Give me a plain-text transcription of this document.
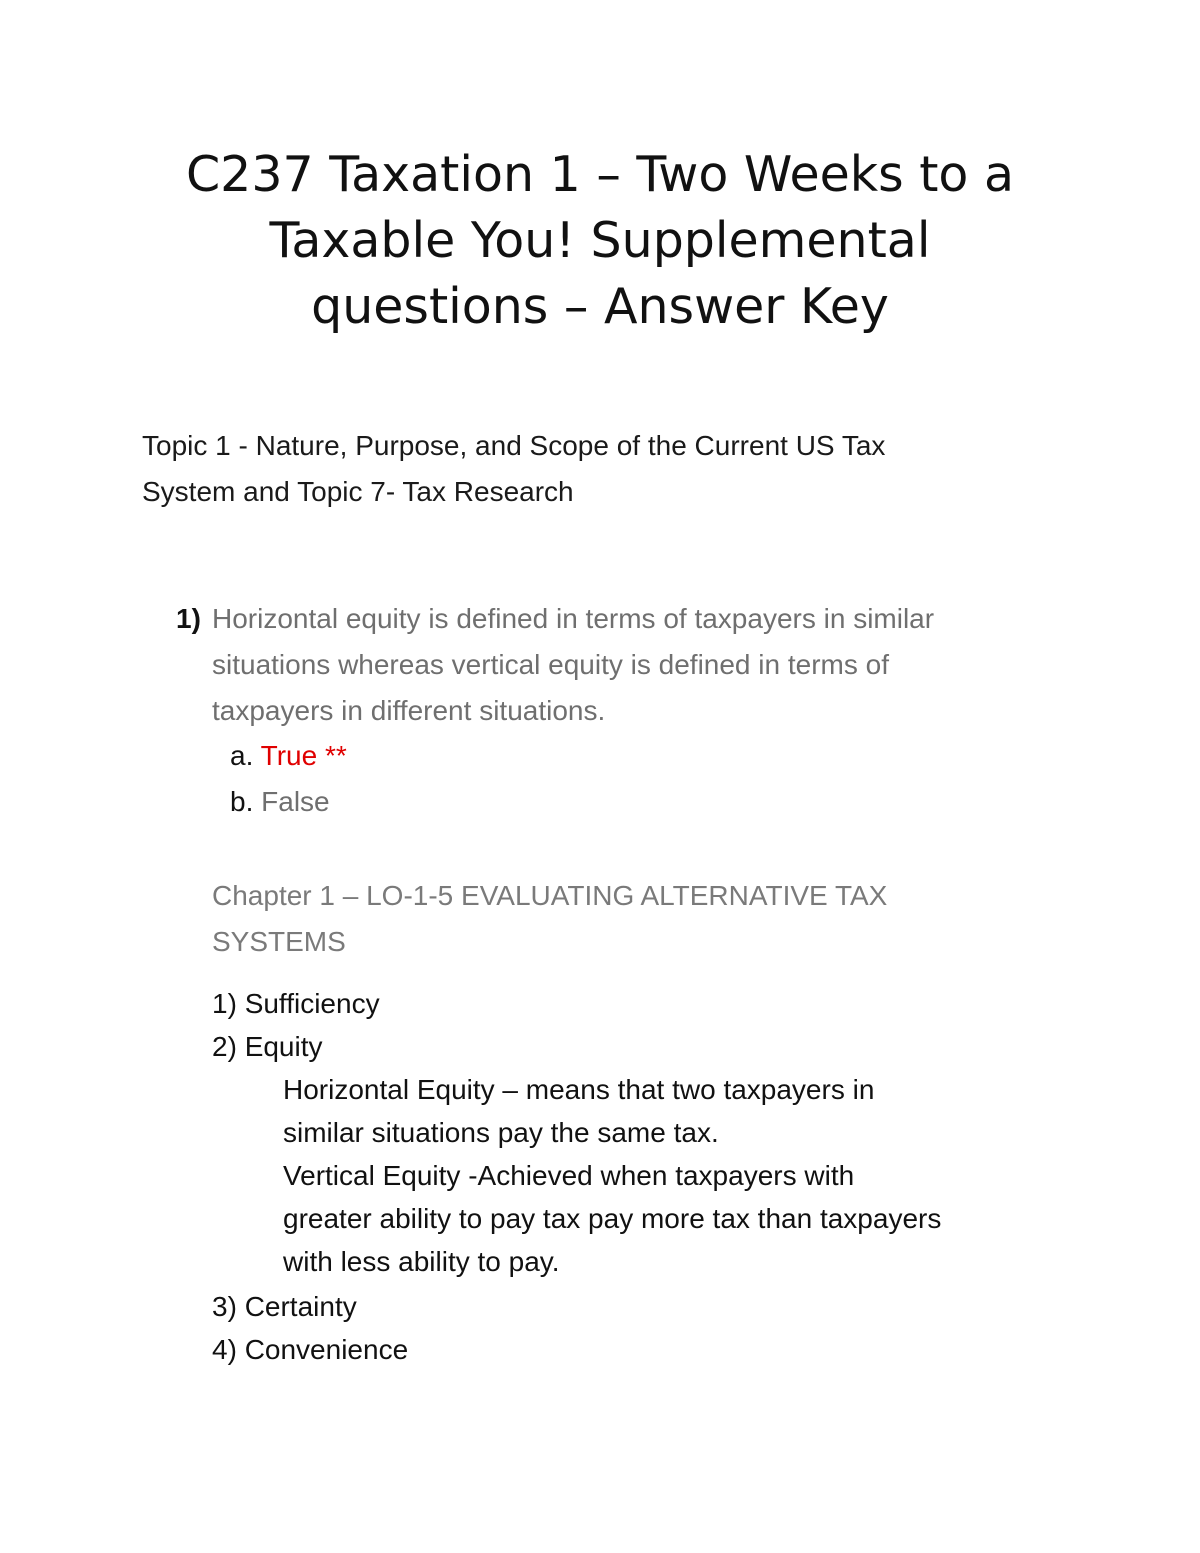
C237 Taxation 1 – Two Weeks to a
Taxable You! Supplemental
questions – Answer Key

Topic 1 - Nature, Purpose, and Scope of the Current US Tax
System and Topic 7- Tax Research

1) Horizontal equity is defined in terms of taxpayers in similar
situations whereas vertical equity is defined in terms of
taxpayers in different situations.

a. True **
b. False

Chapter 1 – LO-1-5 EVALUATING ALTERNATIVE TAX
SYSTEMS

1) Sufficiency
2) Equity

Horizontal Equity – means that two taxpayers in
similar situations pay the same tax.
Vertical Equity -Achieved when taxpayers with
greater ability to pay tax pay more tax than taxpayers
with less ability to pay.

3) Certainty
4) Convenience
